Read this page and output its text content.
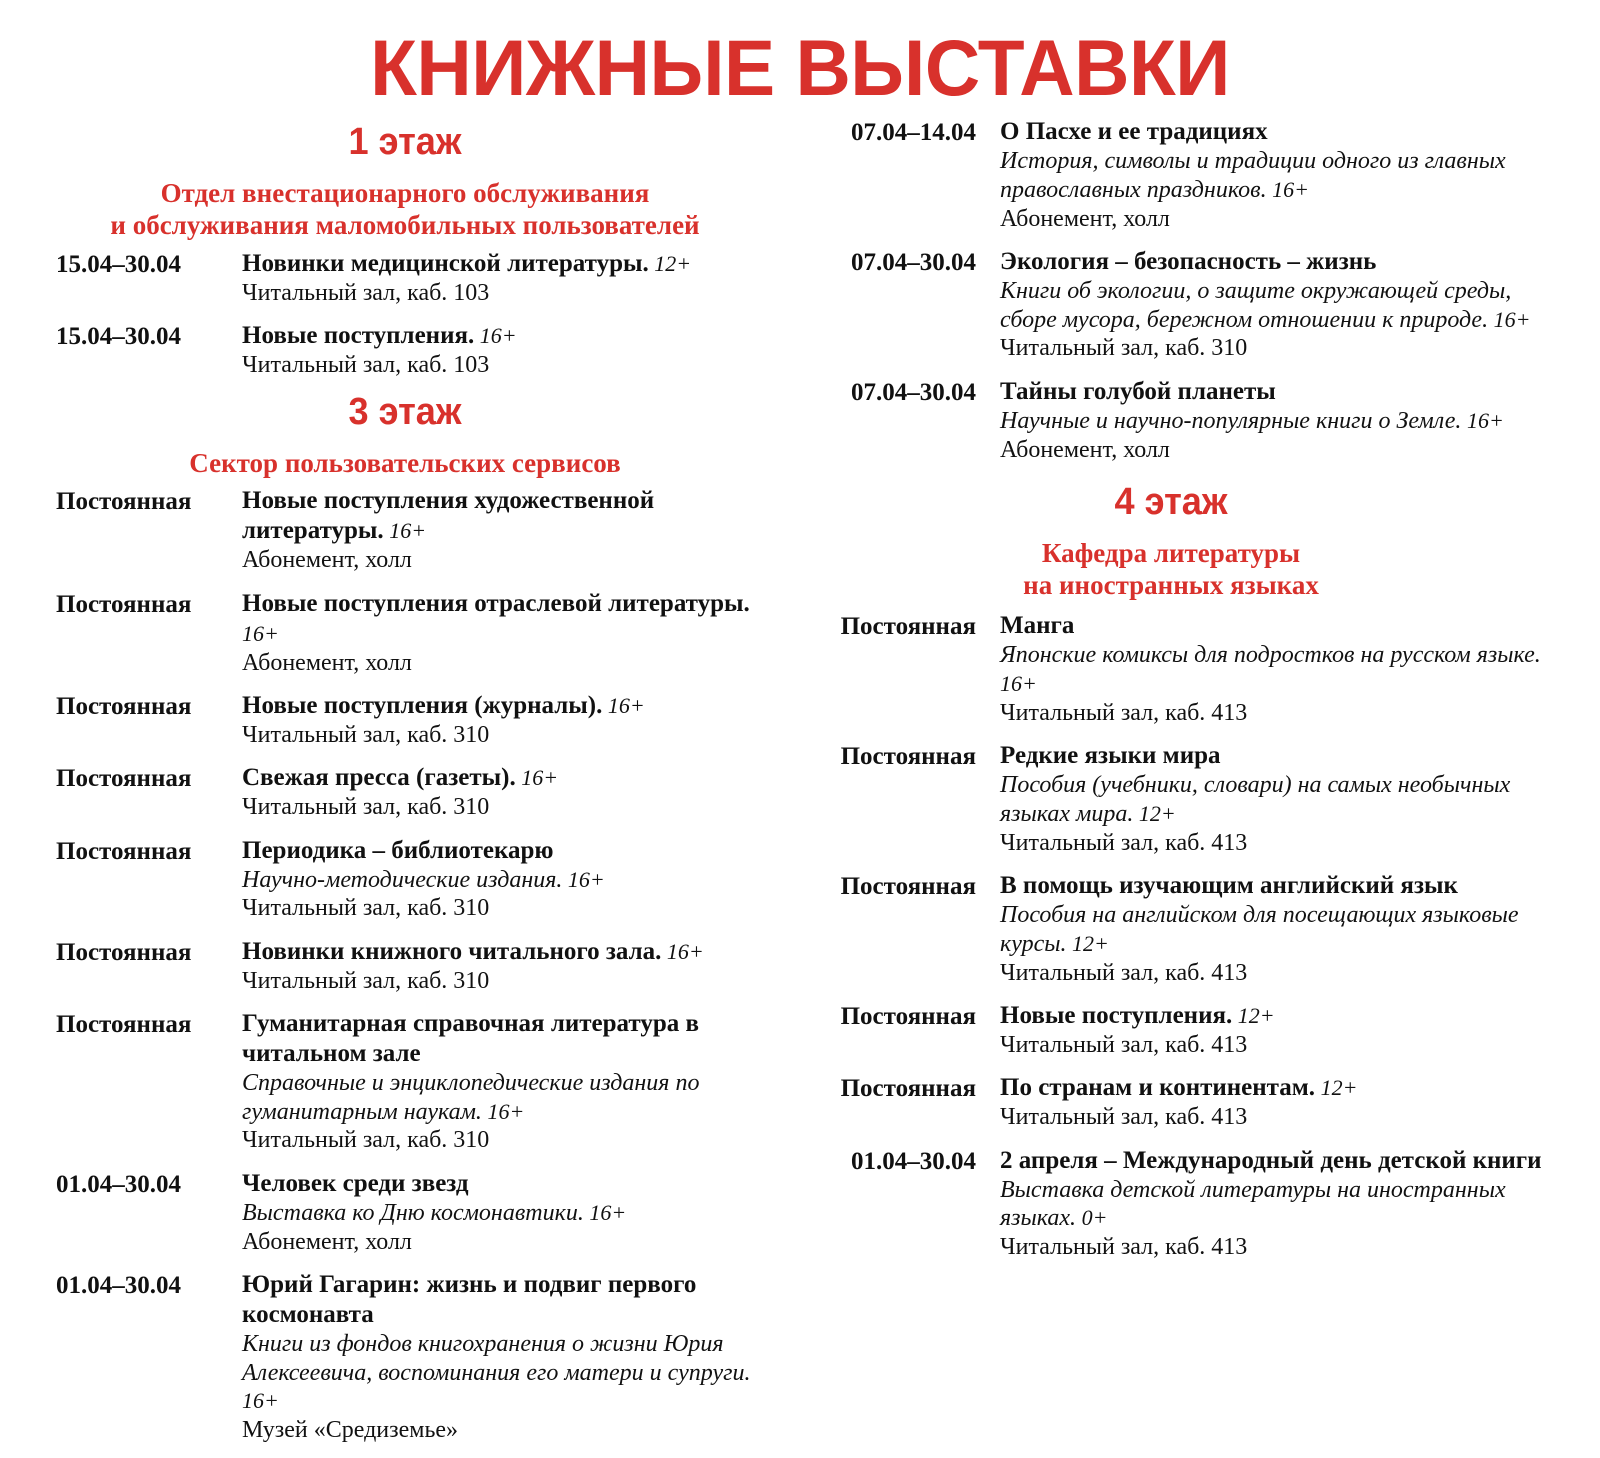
КНИЖНЫЕ ВЫСТАВКИ
1 этаж
Отдел внестационарного обслуживания
и обслуживания маломобильных пользователей
15.04–30.04	Новинки медицинской литературы. 12+
Читальный зал, каб. 103
15.04–30.04	Новые поступления. 16+
Читальный зал, каб. 103
3 этаж
Сектор пользовательских сервисов
Постоянная	Новые поступления художественной литературы. 16+
Абонемент, холл
Постоянная	Новые поступления отраслевой литературы. 16+
Абонемент, холл
Постоянная	Новые поступления (журналы). 16+
Читальный зал, каб. 310
Постоянная	Свежая пресса (газеты). 16+
Читальный зал, каб. 310
Постоянная	Периодика – библиотекарю
Научно-методические издания. 16+
Читальный зал, каб. 310
Постоянная	Новинки книжного читального зала. 16+
Читальный зал, каб. 310
Постоянная	Гуманитарная справочная литература в читальном зале
Справочные и энциклопедические издания по гуманитарным наукам. 16+
Читальный зал, каб. 310
01.04–30.04	Человек среди звезд
Выставка ко Дню космонавтики. 16+
Абонемент, холл
01.04–30.04	Юрий Гагарин: жизнь и подвиг первого космонавта
Книги из фондов книгохранения о жизни Юрия Алексеевича, воспоминания его матери и супруги. 16+
Музей «Средиземье»
07.04–14.04 О Пасхе и ее традициях
История, символы и традиции одного из главных православных праздников. 16+
Абонемент, холл
07.04–30.04 Экология – безопасность – жизнь
Книги об экологии, о защите окружающей среды, сборе мусора, бережном отношении к природе. 16+
Читальный зал, каб. 310
07.04–30.04 Тайны голубой планеты
Научные и научно-популярные книги о Земле. 16+
Абонемент, холл
4 этаж
Кафедра литературы
на иностранных языках
Постоянная Манга
Японские комиксы для подростков на русском языке. 16+
Читальный зал, каб. 413
Постоянная Редкие языки мира
Пособия (учебники, словари) на самых необычных языках мира. 12+
Читальный зал, каб. 413
Постоянная В помощь изучающим английский язык
Пособия на английском для посещающих языковые курсы. 12+
Читальный зал, каб. 413
Постоянная Новые поступления. 12+
Читальный зал, каб. 413
Постоянная По странам и континентам. 12+
Читальный зал, каб. 413
01.04–30.04 2 апреля – Международный день детской книги
Выставка детской литературы на иностранных языках. 0+
Читальный зал, каб. 413
